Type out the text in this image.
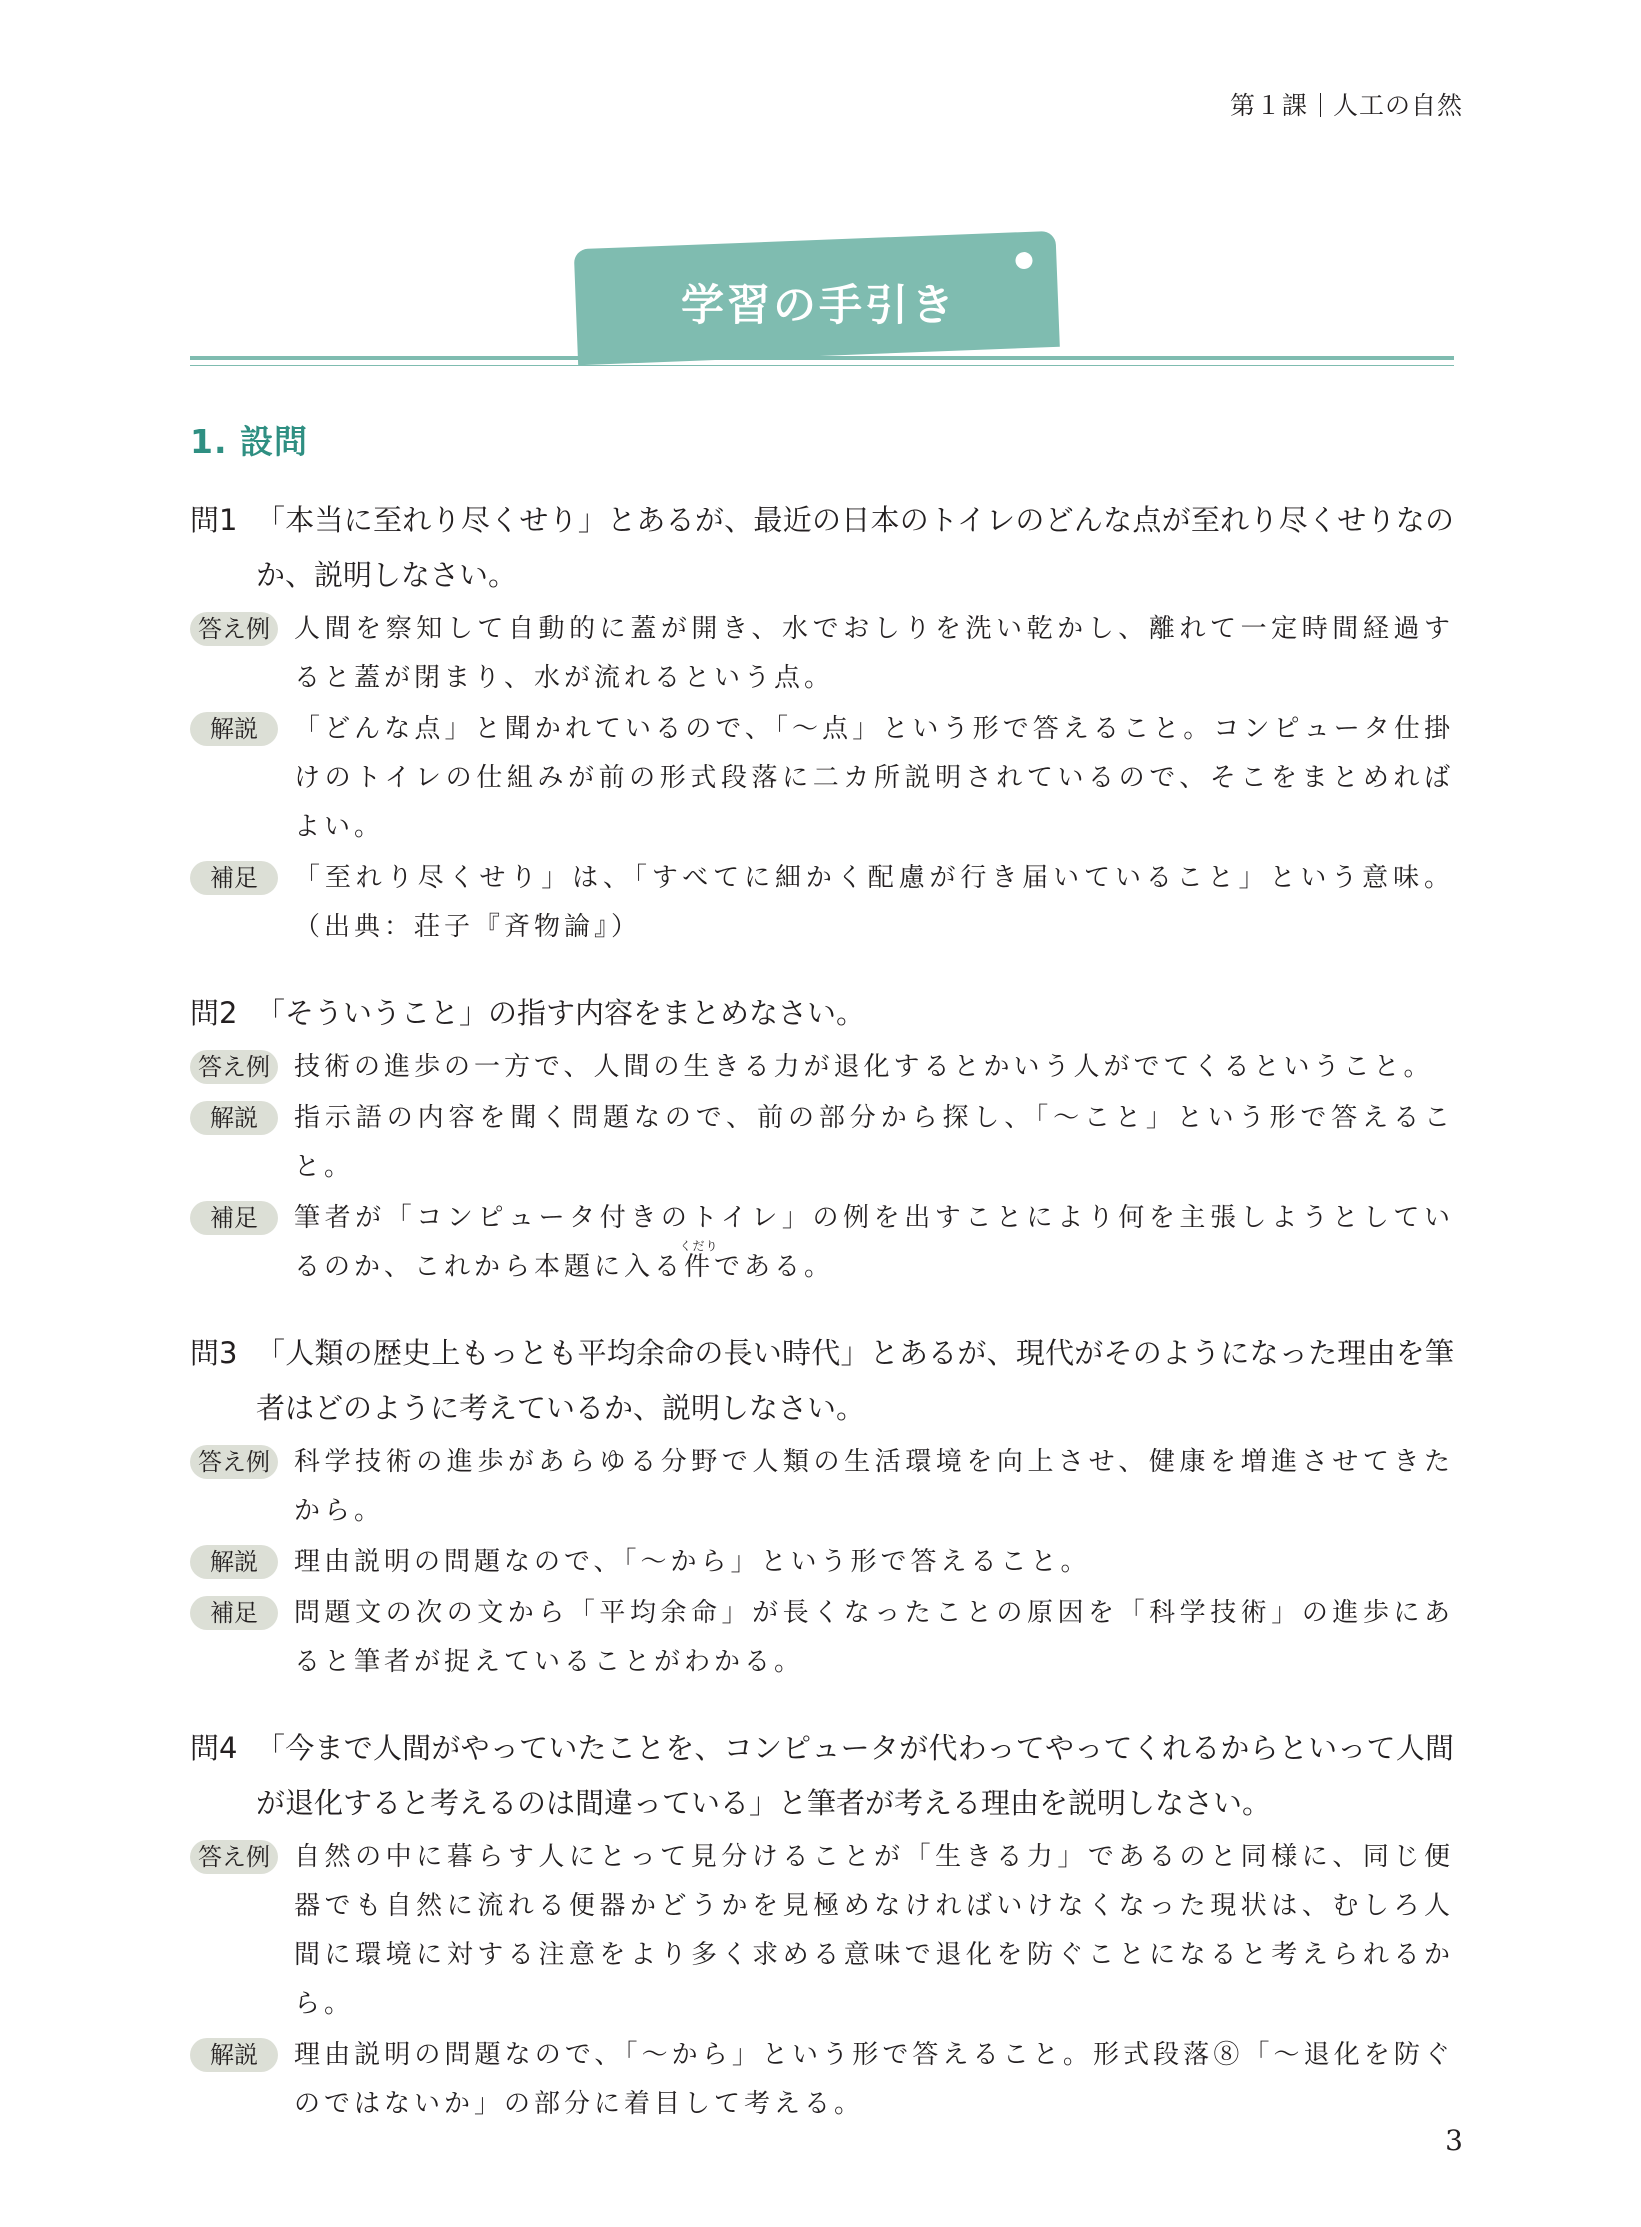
第１課 人工の自然
学習の手引き
1. 設問
問1 「本当に至れり尽くせり」とあるが、最近の日本のトイレのどんな点が至れり尽くせりなのか、説明しなさい。
答え例 人間を察知して自動的に蓋が開き、水でおしりを洗い乾かし、離れて一定時間経過すると蓋が閉まり、水が流れるという点。
解説	「どんな点」と聞かれているので、「〜点」という形で答えること。コンピュータ仕掛けのトイレの仕組みが前の形式段落に二カ所説明されているので、そこをまとめればよい。
補足	「至れり尽くせり」は、「すべてに細かく配慮が行き届いていること」という意味。（出典：荘子『斉物論』）
問2 「そういうこと」の指す内容をまとめなさい。
答え例 技術の進歩の一方で、人間の生きる力が退化するとかいう人がでてくるということ。
解説	指示語の内容を聞く問題なので、前の部分から探し、「〜こと」という形で答えること。
補足	筆者が「コンピュータ付きのトイレ」の例を出すことにより何を主張しようとしているのか、これから本題に入る件くだりである。
問3 「人類の歴史上もっとも平均余命の長い時代」とあるが、現代がそのようになった理由を筆者はどのように考えているか、説明しなさい。
答え例 科学技術の進歩があらゆる分野で人類の生活環境を向上させ、健康を増進させてきたから。
解説	理由説明の問題なので、「〜から」という形で答えること。
補足	問題文の次の文から「平均余命」が長くなったことの原因を「科学技術」の進歩にあると筆者が捉えていることがわかる。
問4 「今まで人間がやっていたことを、コンピュータが代わってやってくれるからといって人間が退化すると考えるのは間違っている」と筆者が考える理由を説明しなさい。
答え例 自然の中に暮らす人にとって見分けることが「生きる力」であるのと同様に、同じ便器でも自然に流れる便器かどうかを見極めなければいけなくなった現状は、むしろ人間に環境に対する注意をより多く求める意味で退化を防ぐことになると考えられるから。
解説	理由説明の問題なので、「〜から」という形で答えること。形式段落⑧「〜退化を防ぐのではないか」の部分に着目して考える。
3
